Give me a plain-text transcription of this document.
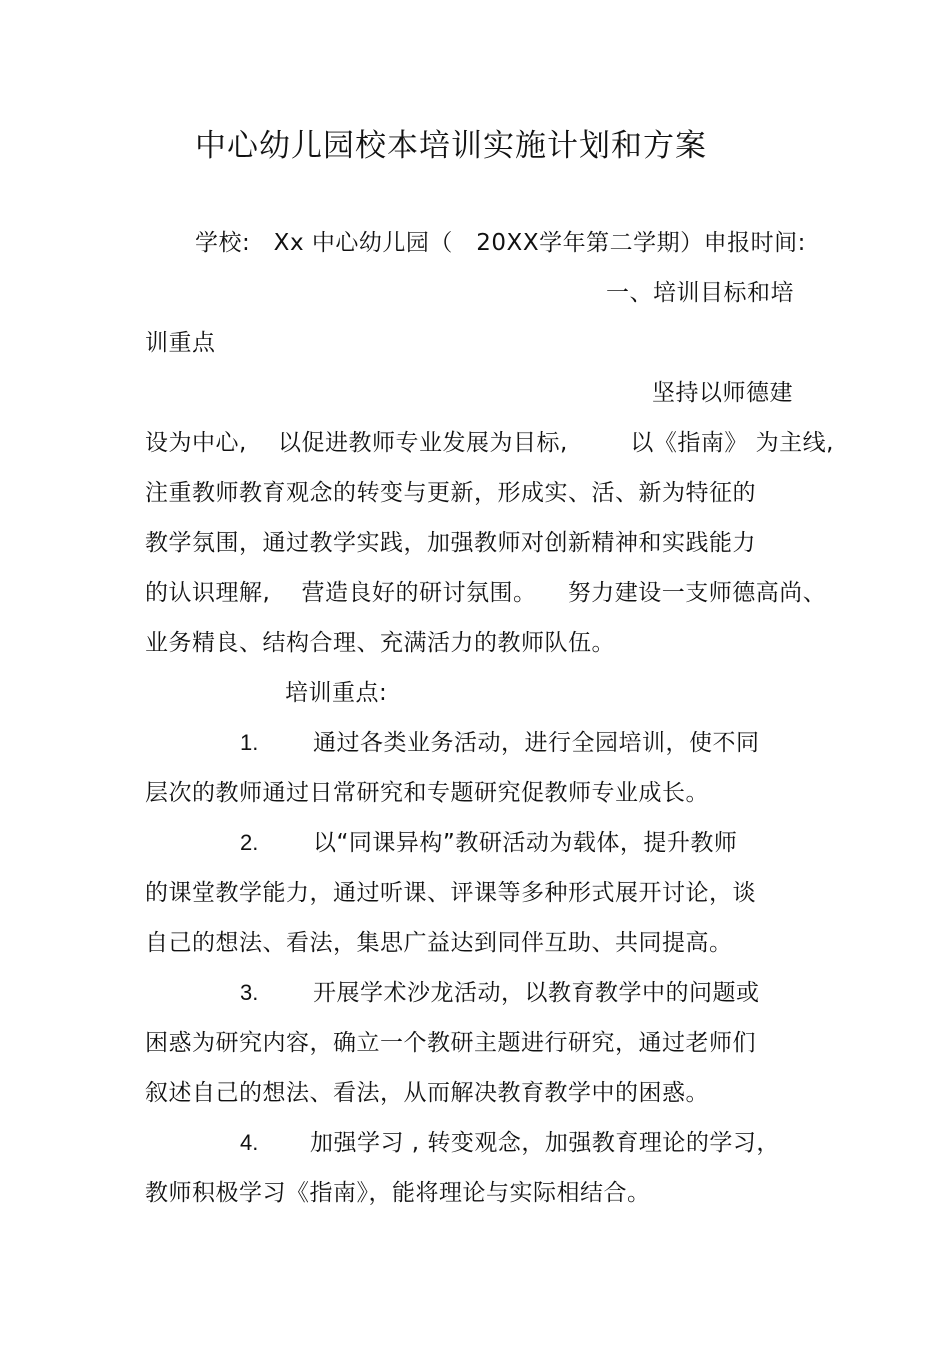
中心幼儿园校本培训实施计划和方案
学校:   Xx 中心幼儿园（   20XX学年第二学期）申报时间:
一、培训目标和培
训重点
坚持以师德建
设为中心,    以促进教师专业发展为目标,        以《指南》 为主线,
注重教师教育观念的转变与更新，形成实、活、新为特征的
教学氛围，通过教学实践，加强教师对创新精神和实践能力
的认识理解,    营造良好的研讨氛围。    努力建设一支师德高尚、
业务精良、结构合理、充满活力的教师队伍。
培训重点:
1. 通过各类业务活动，进行全园培训，使不同
层次的教师通过日常研究和专题研究促教师专业成长。
2. 以“同课异构”教研活动为载体，提升教师
的课堂教学能力，通过听课、评课等多种形式展开讨论，谈
自己的想法、看法，集思广益达到同伴互助、共同提高。
3. 开展学术沙龙活动，以教育教学中的问题或
困惑为研究内容，确立一个教研主题进行研究，通过老师们
叙述自己的想法、看法，从而解决教育教学中的困惑。
4. 加强学习 , 转变观念，加强教育理论的学习，
教师积极学习《指南》，能将理论与实际相结合。
